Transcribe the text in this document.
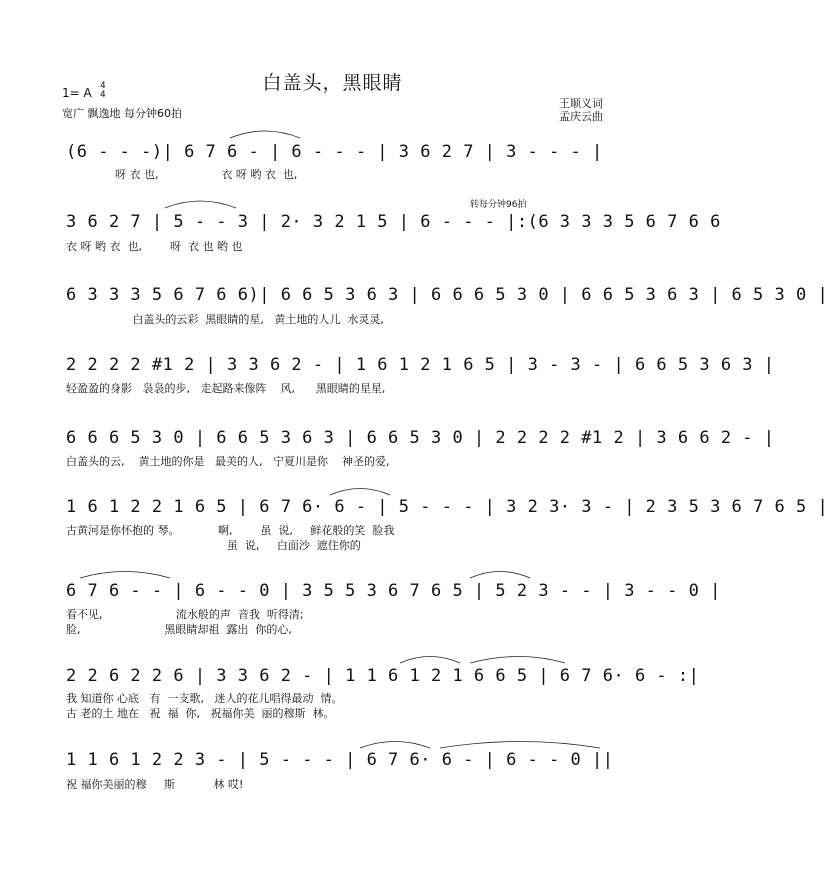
白盖头，黑眼睛
1= A 4
4
宽广 飘逸地 每分钟60拍
王顺义词
孟庆云曲
(6 - - -)| 6 7 6 - | 6 - - - | 3 6 2 7 | 3 - - - |
呀 衣 也,                  衣 呀 哟 衣  也,
转每分钟96拍
3 6 2 7 | 5 - - 3 | 2· 3 2 1 5 | 6 - - - |:(6 3 3 3 5 6 7 6 6
衣 呀 哟 衣  也,        呀  衣 也 哟 也
6 3 3 3 5 6 7 6 6)| 6 6 5 3 6 3 | 6 6 6 5 3 0 | 6 6 5 3 6 3 | 6 5 3 0 |
白盖头的云彩  黑眼睛的星,   黄土地的人儿  水灵灵,
2 2 2 2 #1 2 | 3 3 6 2 - | 1 6 1 2 1 6 5 | 3 - 3 - | 6 6 5 3 6 3 |
轻盈盈的身影   袅袅的步,   走起路来像阵    风,      黑眼睛的星星,
6 6 6 5 3 0 | 6 6 5 3 6 3 | 6 6 5 3 0 | 2 2 2 2 #1 2 | 3 6 6 2 - |
白盖头的云,    黄土地的你是   最美的人,   宁夏川是你    神圣的爱,
1 6 1 2 2 1 6 5 | 6 7 6· 6 - | 5 - - - | 3 2 3· 3 - | 2 3 5 3 6 7 6 5 |
古黄河是你怀抱的 琴。           啊,        虽  说,     鲜花般的笑  脸我
虽  说,     白面沙  遮住你的
6 7 6 - - | 6 - - 0 | 3 5 5 3 6 7 6 5 | 5 2 3 - - | 3 - - 0 |
看不见,                     流水般的声  音我  听得清;
脸,                        黑眼睛却祖  露出  你的心,
2 2 6 2 2 6 | 3 3 6 2 - | 1 1 6 1 2 1 6 6 5 | 6 7 6· 6 - :|
我 知道你 心底   有  一支歌,   迷人的花儿唱得最动  情。
古 老的土 地在   祝  福  你,   祝福你美  丽的穆斯  林。
1 1 6 1 2 2 3 - | 5 - - - | 6 7 6· 6 - | 6 - - 0 ||
祝 福你美丽的穆     斯           林 哎!
